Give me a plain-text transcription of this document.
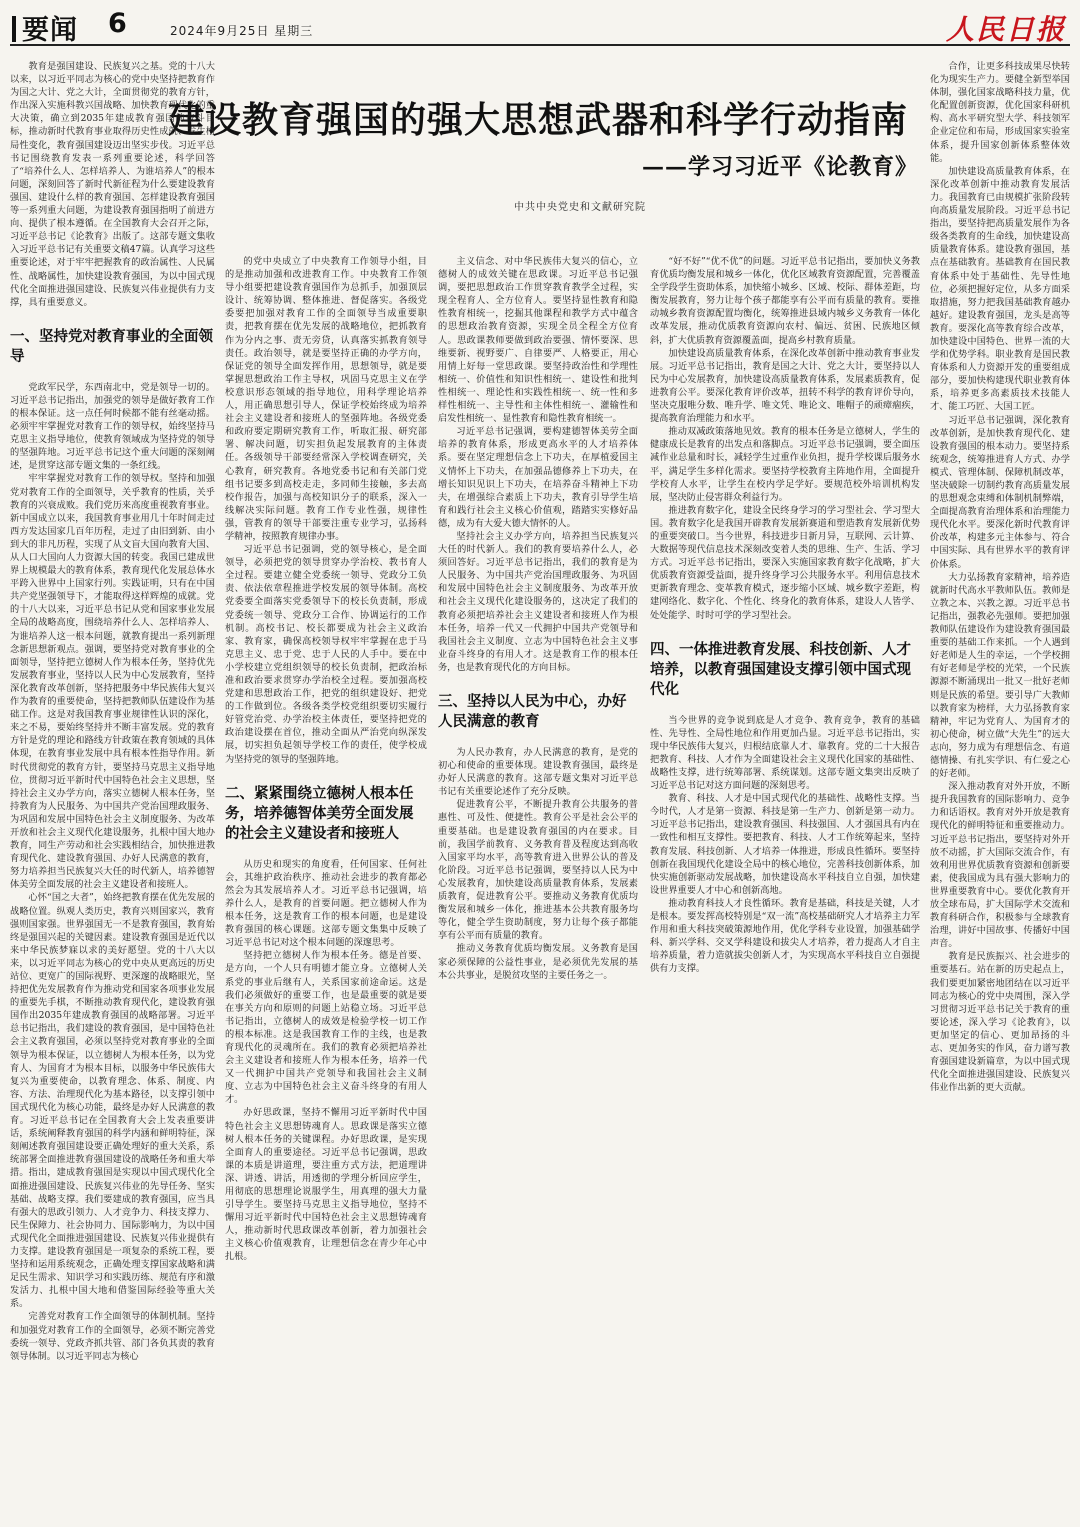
要闻 6	2024年9月25日 星期三	人民日报
建设教育强国的强大思想武器和科学行动指南
——学习习近平《论教育》
中共中央党史和文献研究院

教育是强国建设、民族复兴之基。党的十八大以来，以习近平同志为核心的党中央坚持把教育作为国之大计、党之大计，全面贯彻党的教育方针，作出深入实施科教兴国战略、加快教育现代化的重大决策，确立到2035年建成教育强国的奋斗目标，推动新时代教育事业取得历史性成就、发生格局性变化，教育强国建设迈出坚实步伐。习近平总书记围绕教育发表一系列重要论述，科学回答了“培养什么人、怎样培养人、为谁培养人”的根本问题，深刻回答了新时代新征程为什么要建设教育强国、建设什么样的教育强国、怎样建设教育强国等一系列重大问题，为建设教育强国指明了前进方向、提供了根本遵循。在全国教育大会召开之际，习近平总书记《论教育》出版了。这部专题文集收入习近平总书记有关重要文稿47篇。认真学习这些重要论述，对于牢牢把握教育的政治属性、人民属性、战略属性，加快建设教育强国，为以中国式现代化全面推进强国建设、民族复兴伟业提供有力支撑，具有重要意义。

一、坚持党对教育事业的全面领导

党政军民学，东西南北中，党是领导一切的。习近平总书记指出，加强党的领导是做好教育工作的根本保证。这一点任何时候都不能有丝毫动摇。必须牢牢掌握党对教育工作的领导权，始终坚持马克思主义指导地位，使教育领域成为坚持党的领导的坚强阵地。习近平总书记这个重大问题的深刻阐述，是贯穿这部专题文集的一条红线。

牢牢掌握党对教育工作的领导权。坚持和加强党对教育工作的全面领导，关乎教育的性质，关乎教育的兴衰成败。我们党历来高度重视教育事业。新中国成立以来，我国教育事业用几十年时间走过西方发达国家几百年历程，走过了由旧到新、由小到大的非凡历程，实现了从文盲大国向教育大国、从人口大国向人力资源大国的转变。我国已建成世界上规模最大的教育体系，教育现代化发展总体水平跨入世界中上国家行列。实践证明，只有在中国共产党坚强领导下，才能取得这样辉煌的成就。党的十八大以来，习近平总书记从党和国家事业发展全局的战略高度，围绕培养什么人、怎样培养人、为谁培养人这一根本问题，就教育提出一系列新理念新思想新观点。强调，要坚持党对教育事业的全面领导，坚持把立德树人作为根本任务，坚持优先发展教育事业，坚持以人民为中心发展教育，坚持深化教育改革创新，坚持把服务中华民族伟大复兴作为教育的重要使命，坚持把教师队伍建设作为基础工作。这是对我国教育事业规律性认识的深化，来之不易，要始终坚持并不断丰富发展。党的教育方针是党的理论和路线方针政策在教育领域的具体体现，在教育事业发展中具有根本性指导作用。新时代贯彻党的教育方针，要坚持马克思主义指导地位，贯彻习近平新时代中国特色社会主义思想，坚持社会主义办学方向，落实立德树人根本任务，坚持教育为人民服务、为中国共产党治国理政服务、为巩固和发展中国特色社会主义制度服务、为改革开放和社会主义现代化建设服务，扎根中国大地办教育，同生产劳动和社会实践相结合，加快推进教育现代化、建设教育强国、办好人民满意的教育，努力培养担当民族复兴大任的时代新人，培养德智体美劳全面发展的社会主义建设者和接班人。

心怀“国之大者”，始终把教育摆在优先发展的战略位置。纵观人类历史，教育兴则国家兴，教育强则国家强。世界强国无一不是教育强国，教育始终是强国兴起的关键因素。建设教育强国是近代以来中华民族梦寐以求的美好愿望。党的十八大以来，以习近平同志为核心的党中央从更高远的历史站位、更宽广的国际视野、更深邃的战略眼光，坚持把优先发展教育作为推动党和国家各项事业发展的重要先手棋，不断推动教育现代化，建设教育强国作出2035年建成教育强国的战略部署。习近平总书记指出，我们建设的教育强国，是中国特色社会主义教育强国，必须以坚持党对教育事业的全面领导为根本保证，以立德树人为根本任务，以为党育人、为国育才为根本目标，以服务中华民族伟大复兴为重要使命，以教育理念、体系、制度、内容、方法、治理现代化为基本路径，以支撑引领中国式现代化为核心功能，最终是办好人民满意的教育。习近平总书记在全国教育大会上发表重要讲话，系统阐释教育强国的科学内涵和鲜明特征，深刻阐述教育强国建设要正确处理好的重大关系，系统部署全面推进教育强国建设的战略任务和重大举措。指出，建成教育强国是实现以中国式现代化全面推进强国建设、民族复兴伟业的先导任务、坚实基础、战略支撑。我们要建成的教育强国，应当具有强大的思政引领力、人才竞争力、科技支撑力、民生保障力、社会协同力、国际影响力，为以中国式现代化全面推进强国建设、民族复兴伟业提供有力支撑。建设教育强国是一项复杂的系统工程，要坚持和运用系统观念，正确处理支撑国家战略和满足民生需求、知识学习和实践历练、规范有序和激发活力、扎根中国大地和借鉴国际经验等重大关系。

完善党对教育工作全面领导的体制机制。坚持和加强党对教育工作的全面领导，必须不断完善党委统一领导、党政齐抓共管、部门各负其责的教育领导体制。以习近平同志为核心

的党中央成立了中央教育工作领导小组，目的是推动加强和改进教育工作。中央教育工作领导小组要把建设教育强国作为总抓手，加强顶层设计、统筹协调、整体推进、督促落实。各级党委要把加强对教育工作的全面领导当成重要职责，把教育摆在优先发展的战略地位，把抓教育作为分内之事、责无旁贷，认真落实抓教育领导责任。政治领导，就是要坚持正确的办学方向，保证党的领导全面发挥作用，思想领导，就是要掌握思想政治工作主导权，巩固马克思主义在学校意识形态领域的指导地位，用科学理论培养人，用正确思想引导人，保证学校始终成为培养社会主义建设者和接班人的坚强阵地。各级党委和政府要定期研究教育工作，听取汇报、研究部署、解决问题，切实担负起发展教育的主体责任。各级领导干部要经常深入学校调查研究，关心教育，研究教育。各地党委书记和有关部门党组书记要多到高校走走，多同师生接触，多去高校作报告，加强与高校知识分子的联系，深入一线解决实际问题。教育工作专业性强，规律性强，管教育的领导干部要注重专业学习，弘扬科学精神，按照教育规律办事。

习近平总书记强调，党的领导核心，是全面领导，必须把党的领导贯穿办学治校、教书育人全过程。要建立健全党委统一领导、党政分工负责、依法依章程推进学校发展的领导体制。高校党委要全面落实党委领导下的校长负责制，形成党委统一领导、党政分工合作、协调运行的工作机制。高校书记、校长都要成为社会主义政治家、教育家，确保高校领导权牢牢掌握在忠于马克思主义、忠于党、忠于人民的人手中。要在中小学校建立党组织领导的校长负责制，把政治标准和政治要求贯穿办学治校全过程。要加强高校党建和思想政治工作，把党的组织建设好、把党的工作做到位。各级各类学校党组织要切实履行好管党治党、办学治校主体责任，要坚持把党的政治建设摆在首位，推动全面从严治党向纵深发展，切实担负起领导学校工作的责任，使学校成为坚持党的领导的坚强阵地。

二、紧紧围绕立德树人根本任务，培养德智体美劳全面发展的社会主义建设者和接班人

从历史和现实的角度看，任何国家、任何社会，其维护政治秩序、推动社会进步的教育都必然会为其发展培养人才。习近平总书记强调，培养什么人，是教育的首要问题。把立德树人作为根本任务，这是教育工作的根本问题，也是建设教育强国的核心课题。这部专题文集集中反映了习近平总书记对这个根本问题的深邃思考。

坚持把立德树人作为根本任务。德是首要、是方向，一个人只有明德才能立身。立德树人关系党的事业后继有人，关系国家前途命运。这是我们必须做好的重要工作，也是最重要的就是要在事关方向和原则的问题上站稳立场。习近平总书记指出，立德树人的成效是检验学校一切工作的根本标准。这是我国教育工作的主线，也是教育现代化的灵魂所在。我们的教育必须把培养社会主义建设者和接班人作为根本任务，培养一代又一代拥护中国共产党领导和我国社会主义制度、立志为中国特色社会主义奋斗终身的有用人才。

办好思政课，坚持不懈用习近平新时代中国特色社会主义思想铸魂育人。思政课是落实立德树人根本任务的关键课程。办好思政课，是实现全面育人的重要途径。习近平总书记强调，思政课的本质是讲道理，要注重方式方法，把道理讲深、讲透、讲活，用透彻的学理分析回应学生，用彻底的思想理论说服学生，用真理的强大力量引导学生。要坚持马克思主义指导地位，坚持不懈用习近平新时代中国特色社会主义思想铸魂育人，推动新时代思政课改革创新，着力加强社会主义核心价值观教育，让理想信念在青少年心中扎根。

主义信念、对中华民族伟大复兴的信心，立德树人的成效关键在思政课。习近平总书记强调，要把思想政治工作贯穿教育教学全过程，实现全程育人、全方位育人。要坚持显性教育和隐性教育相统一，挖掘其他课程和教学方式中蕴含的思想政治教育资源，实现全员全程全方位育人。思政课教师要做到政治要强、情怀要深、思维要新、视野要广、自律要严、人格要正，用心用情上好每一堂思政课。要坚持政治性和学理性相统一、价值性和知识性相统一、建设性和批判性相统一、理论性和实践性相统一、统一性和多样性相统一、主导性和主体性相统一、灌输性和启发性相统一、显性教育和隐性教育相统一。

习近平总书记强调，要构建德智体美劳全面培养的教育体系，形成更高水平的人才培养体系。要在坚定理想信念上下功夫，在厚植爱国主义情怀上下功夫，在加强品德修养上下功夫，在增长知识见识上下功夫，在培养奋斗精神上下功夫，在增强综合素质上下功夫，教育引导学生培育和践行社会主义核心价值观，踏踏实实修好品德，成为有大爱大德大情怀的人。

坚持社会主义办学方向，培养担当民族复兴大任的时代新人。我们的教育要培养什么人，必须回答好。习近平总书记指出，我们的教育是为人民服务、为中国共产党治国理政服务、为巩固和发展中国特色社会主义制度服务、为改革开放和社会主义现代化建设服务的，这决定了我们的教育必须把培养社会主义建设者和接班人作为根本任务，培养一代又一代拥护中国共产党领导和我国社会主义制度、立志为中国特色社会主义事业奋斗终身的有用人才。这是教育工作的根本任务，也是教育现代化的方向目标。

三、坚持以人民为中心，办好人民满意的教育

为人民办教育，办人民满意的教育，是党的初心和使命的重要体现。建设教育强国，最终是办好人民满意的教育。这部专题文集对习近平总书记有关重要论述作了充分反映。

促进教育公平，不断提升教育公共服务的普惠性、可及性、便捷性。教育公平是社会公平的重要基础。也是建设教育强国的内在要求。目前，我国学前教育、义务教育普及程度达到高收入国家平均水平，高等教育进入世界公认的普及化阶段。习近平总书记强调，要坚持以人民为中心发展教育，加快建设高质量教育体系，发展素质教育，促进教育公平。要推动义务教育优质均衡发展和城乡一体化，推进基本公共教育服务均等化，健全学生资助制度，努力让每个孩子都能享有公平而有质量的教育。

推动义务教育优质均衡发展。义务教育是国家必须保障的公益性事业，是必须优先发展的基本公共事业，是脱贫攻坚的主要任务之一。

“好不好”“优不优”的问题。习近平总书记指出，要加快义务教育优质均衡发展和城乡一体化，优化区域教育资源配置，完善覆盖全学段学生资助体系，加快缩小城乡、区域、校际、群体差距，均衡发展教育，努力让每个孩子都能享有公平而有质量的教育。要推动城乡教育资源配置均衡化，统筹推进县域内城乡义务教育一体化改革发展，推动优质教育资源向农村、偏远、贫困、民族地区倾斜，扩大优质教育资源覆盖面，提高乡村教育质量。

加快建设高质量教育体系，在深化改革创新中推动教育事业发展。习近平总书记指出，教育是国之大计、党之大计，要坚持以人民为中心发展教育，加快建设高质量教育体系，发展素质教育，促进教育公平。要深化教育评价改革，扭转不科学的教育评价导向，坚决克服唯分数、唯升学、唯文凭、唯论文、唯帽子的顽瘴痼疾，提高教育治理能力和水平。

推动双减政策落地见效。教育的根本任务是立德树人，学生的健康成长是教育的出发点和落脚点。习近平总书记强调，要全面压减作业总量和时长，减轻学生过重作业负担，提升学校课后服务水平，满足学生多样化需求。要坚持学校教育主阵地作用，全面提升学校育人水平，让学生在校内学足学好。要规范校外培训机构发展，坚决防止侵害群众利益行为。

推进教育数字化，建设全民终身学习的学习型社会、学习型大国。教育数字化是我国开辟教育发展新赛道和塑造教育发展新优势的重要突破口。当今世界，科技进步日新月异，互联网、云计算、大数据等现代信息技术深刻改变着人类的思维、生产、生活、学习方式。习近平总书记指出，要深入实施国家教育数字化战略，扩大优质教育资源受益面，提升终身学习公共服务水平。利用信息技术更新教育理念、变革教育模式，逐步缩小区域、城乡数字差距，构建网络化、数字化、个性化、终身化的教育体系，建设人人皆学、处处能学、时时可学的学习型社会。

四、一体推进教育发展、科技创新、人才培养，以教育强国建设支撑引领中国式现代化

当今世界的竞争说到底是人才竞争、教育竞争，教育的基础性、先导性、全局性地位和作用更加凸显。习近平总书记指出，实现中华民族伟大复兴，归根结底靠人才、靠教育。党的二十大报告把教育、科技、人才作为全面建设社会主义现代化国家的基础性、战略性支撑，进行统筹部署、系统谋划。这部专题文集突出反映了习近平总书记对这方面问题的深刻思考。

教育、科技、人才是中国式现代化的基础性、战略性支撑。当今时代，人才是第一资源、科技是第一生产力、创新是第一动力。习近平总书记指出，建设教育强国、科技强国、人才强国具有内在一致性和相互支撑性。要把教育、科技、人才工作统筹起来，坚持教育发展、科技创新、人才培养一体推进，形成良性循环。要坚持创新在我国现代化建设全局中的核心地位，完善科技创新体系，加快实施创新驱动发展战略，加快建设高水平科技自立自强，加快建设世界重要人才中心和创新高地。

推动教育科技人才良性循环。教育是基础，科技是关键，人才是根本。要发挥高校特别是“双一流”高校基础研究人才培养主力军作用和重大科技突破策源地作用，优化学科专业设置，加强基础学科、新兴学科、交叉学科建设和拔尖人才培养，着力提高人才自主培养质量，着力造就拔尖创新人才，为实现高水平科技自立自强提供有力支撑。

合作，让更多科技成果尽快转化为现实生产力。要健全新型举国体制，强化国家战略科技力量，优化配置创新资源，优化国家科研机构、高水平研究型大学、科技领军企业定位和布局，形成国家实验室体系，提升国家创新体系整体效能。

加快建设高质量教育体系，在深化改革创新中推动教育发展活力。我国教育已由规模扩张阶段转向高质量发展阶段。习近平总书记指出，要坚持把高质量发展作为各级各类教育的生命线，加快建设高质量教育体系。建设教育强国，基点在基础教育。基础教育在国民教育体系中处于基础性、先导性地位，必须把握好定位，从多方面采取措施，努力把我国基础教育越办越好。建设教育强国，龙头是高等教育。要深化高等教育综合改革，加快建设中国特色、世界一流的大学和优势学科。职业教育是国民教育体系和人力资源开发的重要组成部分，要加快构建现代职业教育体系，培养更多高素质技术技能人才、能工巧匠、大国工匠。

习近平总书记强调，深化教育改革创新，是加快教育现代化、建设教育强国的根本动力。要坚持系统观念，统筹推进育人方式、办学模式、管理体制、保障机制改革，坚决破除一切制约教育高质量发展的思想观念束缚和体制机制弊端，全面提高教育治理体系和治理能力现代化水平。要深化新时代教育评价改革，构建多元主体参与、符合中国实际、具有世界水平的教育评价体系。

大力弘扬教育家精神，培养造就新时代高水平教师队伍。教师是立教之本、兴教之源。习近平总书记指出，强教必先强师。要把加强教师队伍建设作为建设教育强国最重要的基础工作来抓。一个人遇到好老师是人生的幸运，一个学校拥有好老师是学校的光荣，一个民族源源不断涌现出一批又一批好老师则是民族的希望。要引导广大教师以教育家为榜样，大力弘扬教育家精神，牢记为党育人、为国育才的初心使命，树立做“大先生”的远大志向，努力成为有理想信念、有道德情操、有扎实学识、有仁爱之心的好老师。

深入推动教育对外开放，不断提升我国教育的国际影响力、竞争力和话语权。教育对外开放是教育现代化的鲜明特征和重要推动力。习近平总书记指出，要坚持对外开放不动摇，扩大国际交流合作，有效利用世界优质教育资源和创新要素，使我国成为具有强大影响力的世界重要教育中心。要优化教育开放全球布局，扩大国际学术交流和教育科研合作，积极参与全球教育治理，讲好中国故事、传播好中国声音。

教育是民族振兴、社会进步的重要基石。站在新的历史起点上，我们要更加紧密地团结在以习近平同志为核心的党中央周围，深入学习贯彻习近平总书记关于教育的重要论述，深入学习《论教育》，以更加坚定的信心、更加昂扬的斗志、更加务实的作风，奋力谱写教育强国建设新篇章，为以中国式现代化全面推进强国建设、民族复兴伟业作出新的更大贡献。
